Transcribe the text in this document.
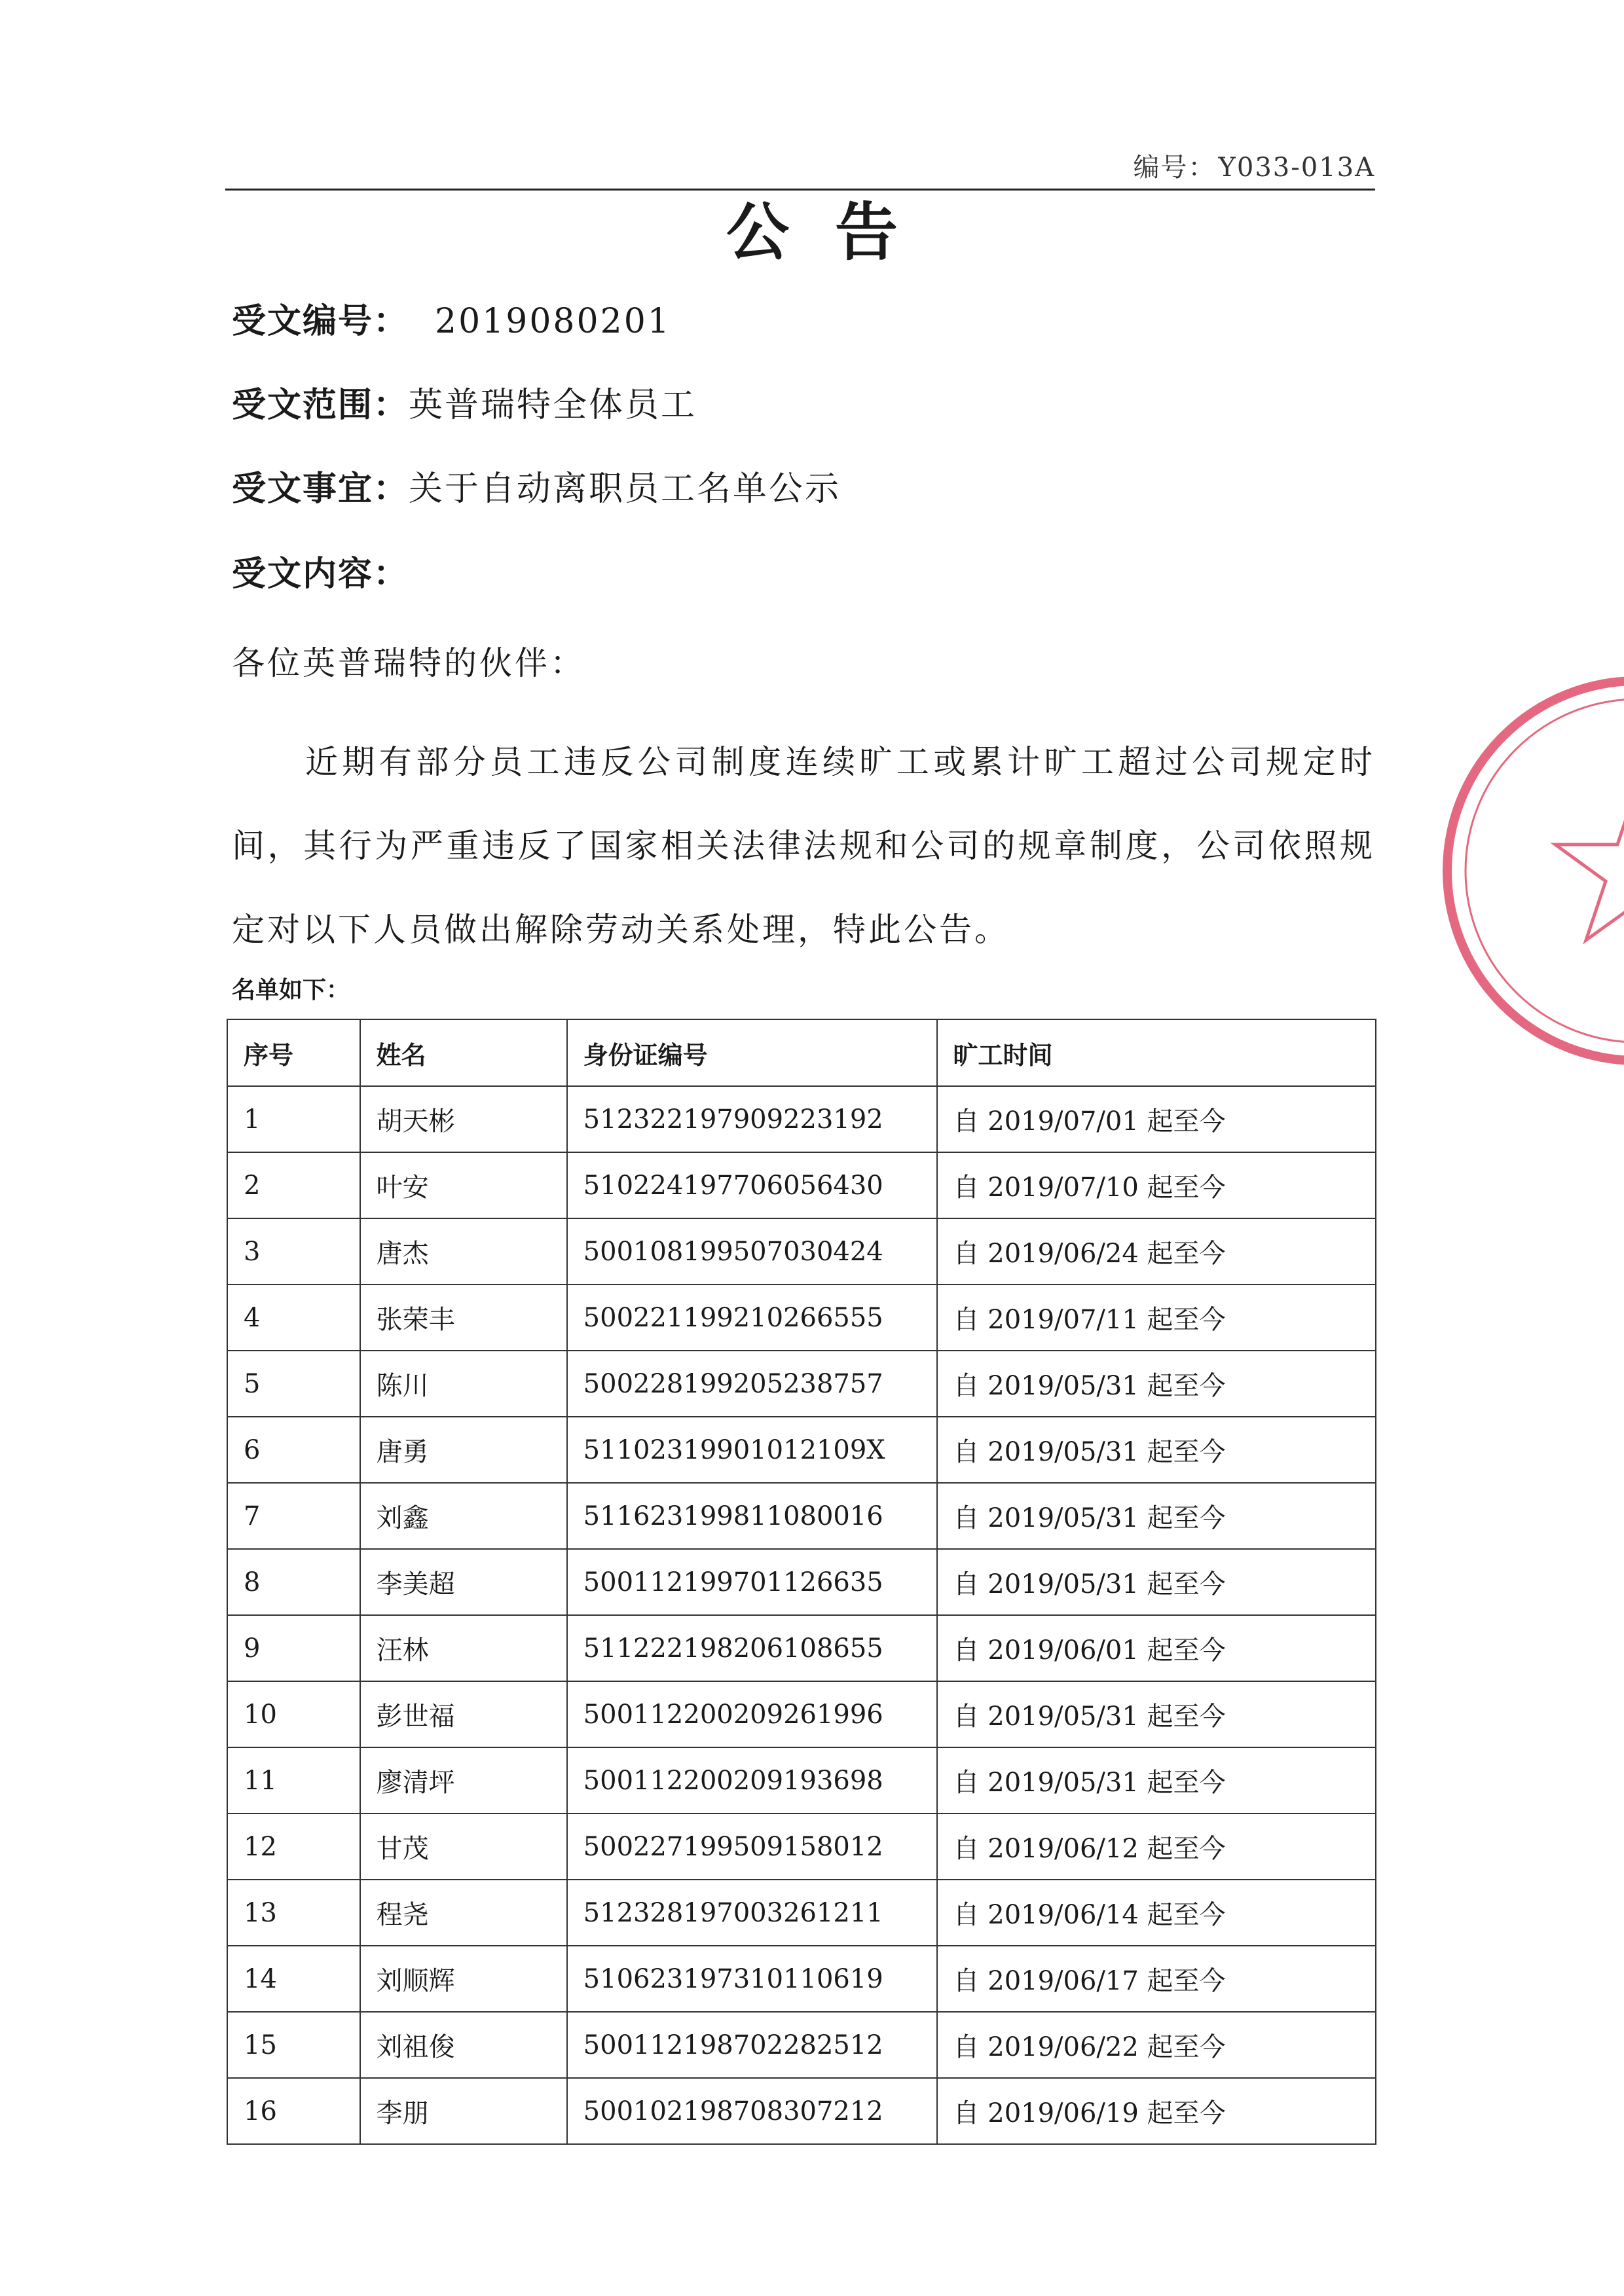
编号： Y033-013A
公告
受文编号： 2019080201
受文范围：英普瑞特全体员工
受文事宜：关于自动离职员工名单公示
受文内容：
各位英普瑞特的伙伴：
近期有部分员工违反公司制度连续旷工或累计旷工超过公司规定时间，其行为严重违反了国家相关法律法规和公司的规章制度，公司依照规定对以下人员做出解除劳动关系处理，特此公告。
名单如下：
序号	姓名	身份证编号	旷工时间
1	胡天彬	512322197909223192	自 2019/07/01 起至今
2	叶安	510224197706056430	自 2019/07/10 起至今
3	唐杰	500108199507030424	自 2019/06/24 起至今
4	张荣丰	500221199210266555	自 2019/07/11 起至今
5	陈川	500228199205238757	自 2019/05/31 起至今
6	唐勇	51102319901012109X	自 2019/05/31 起至今
7	刘鑫	511623199811080016	自 2019/05/31 起至今
8	李美超	500112199701126635	自 2019/05/31 起至今
9	汪林	511222198206108655	自 2019/06/01 起至今
10	彭世福	500112200209261996	自 2019/05/31 起至今
11	廖清坪	500112200209193698	自 2019/05/31 起至今
12	甘茂	500227199509158012	自 2019/06/12 起至今
13	程尧	512328197003261211	自 2019/06/14 起至今
14	刘顺辉	510623197310110619	自 2019/06/17 起至今
15	刘祖俊	500112198702282512	自 2019/06/22 起至今
16	李朋	500102198708307212	自 2019/06/19 起至今
